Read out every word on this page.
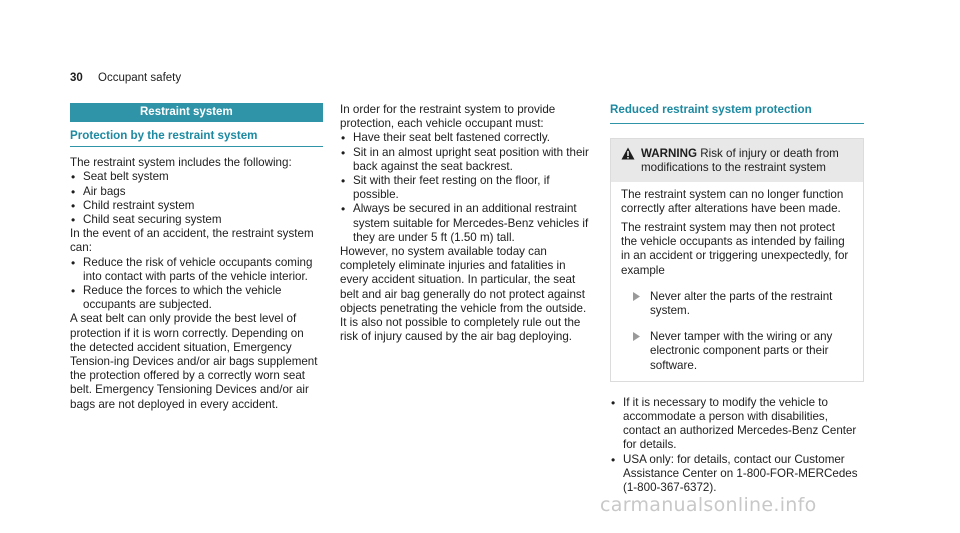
30 Occupant safety
Restraint system
Protection by the restraint system

The restraint system includes the following:

• Seat belt system
• Air bags
• Child restraint system
• Child seat securing system

In the event of an accident, the restraint system can:

• Reduce the risk of vehicle occupants coming into contact with parts of the vehicle interior.
• Reduce the forces to which the vehicle occupants are subjected.

A seat belt can only provide the best level of protection if it is worn correctly. Depending on the detected accident situation, Emergency Tension-ing Devices and/or air bags supplement the protection offered by a correctly worn seat belt. Emergency Tensioning Devices and/or air bags are not deployed in every accident.

In order for the restraint system to provide protection, each vehicle occupant must:

• Have their seat belt fastened correctly.
• Sit in an almost upright seat position with their back against the seat backrest.
• Sit with their feet resting on the floor, if possible.
• Always be secured in an additional restraint system suitable for Mercedes-Benz vehicles if they are under 5 ft (1.50 m) tall.

However, no system available today can completely eliminate injuries and fatalities in every accident situation. In particular, the seat belt and air bag generally do not protect against objects penetrating the vehicle from the outside. It is also not possible to completely rule out the risk of injury caused by the air bag deploying.

Reduced restraint system protection
WARNING Risk of injury or death from modifications to the restraint system

The restraint system can no longer function correctly after alterations have been made.

The restraint system may then not protect the vehicle occupants as intended by failing in an accident or triggering unexpectedly, for example

Never alter the parts of the restraint system.
Never tamper with the wiring or any electronic component parts or their software.
• If it is necessary to modify the vehicle to accommodate a person with disabilities, contact an authorized Mercedes-Benz Center for details.
• USA only: for details, contact our Customer Assistance Center on 1-800-FOR-MERCedes (1-800-367-6372).
carmanualsonline.info
